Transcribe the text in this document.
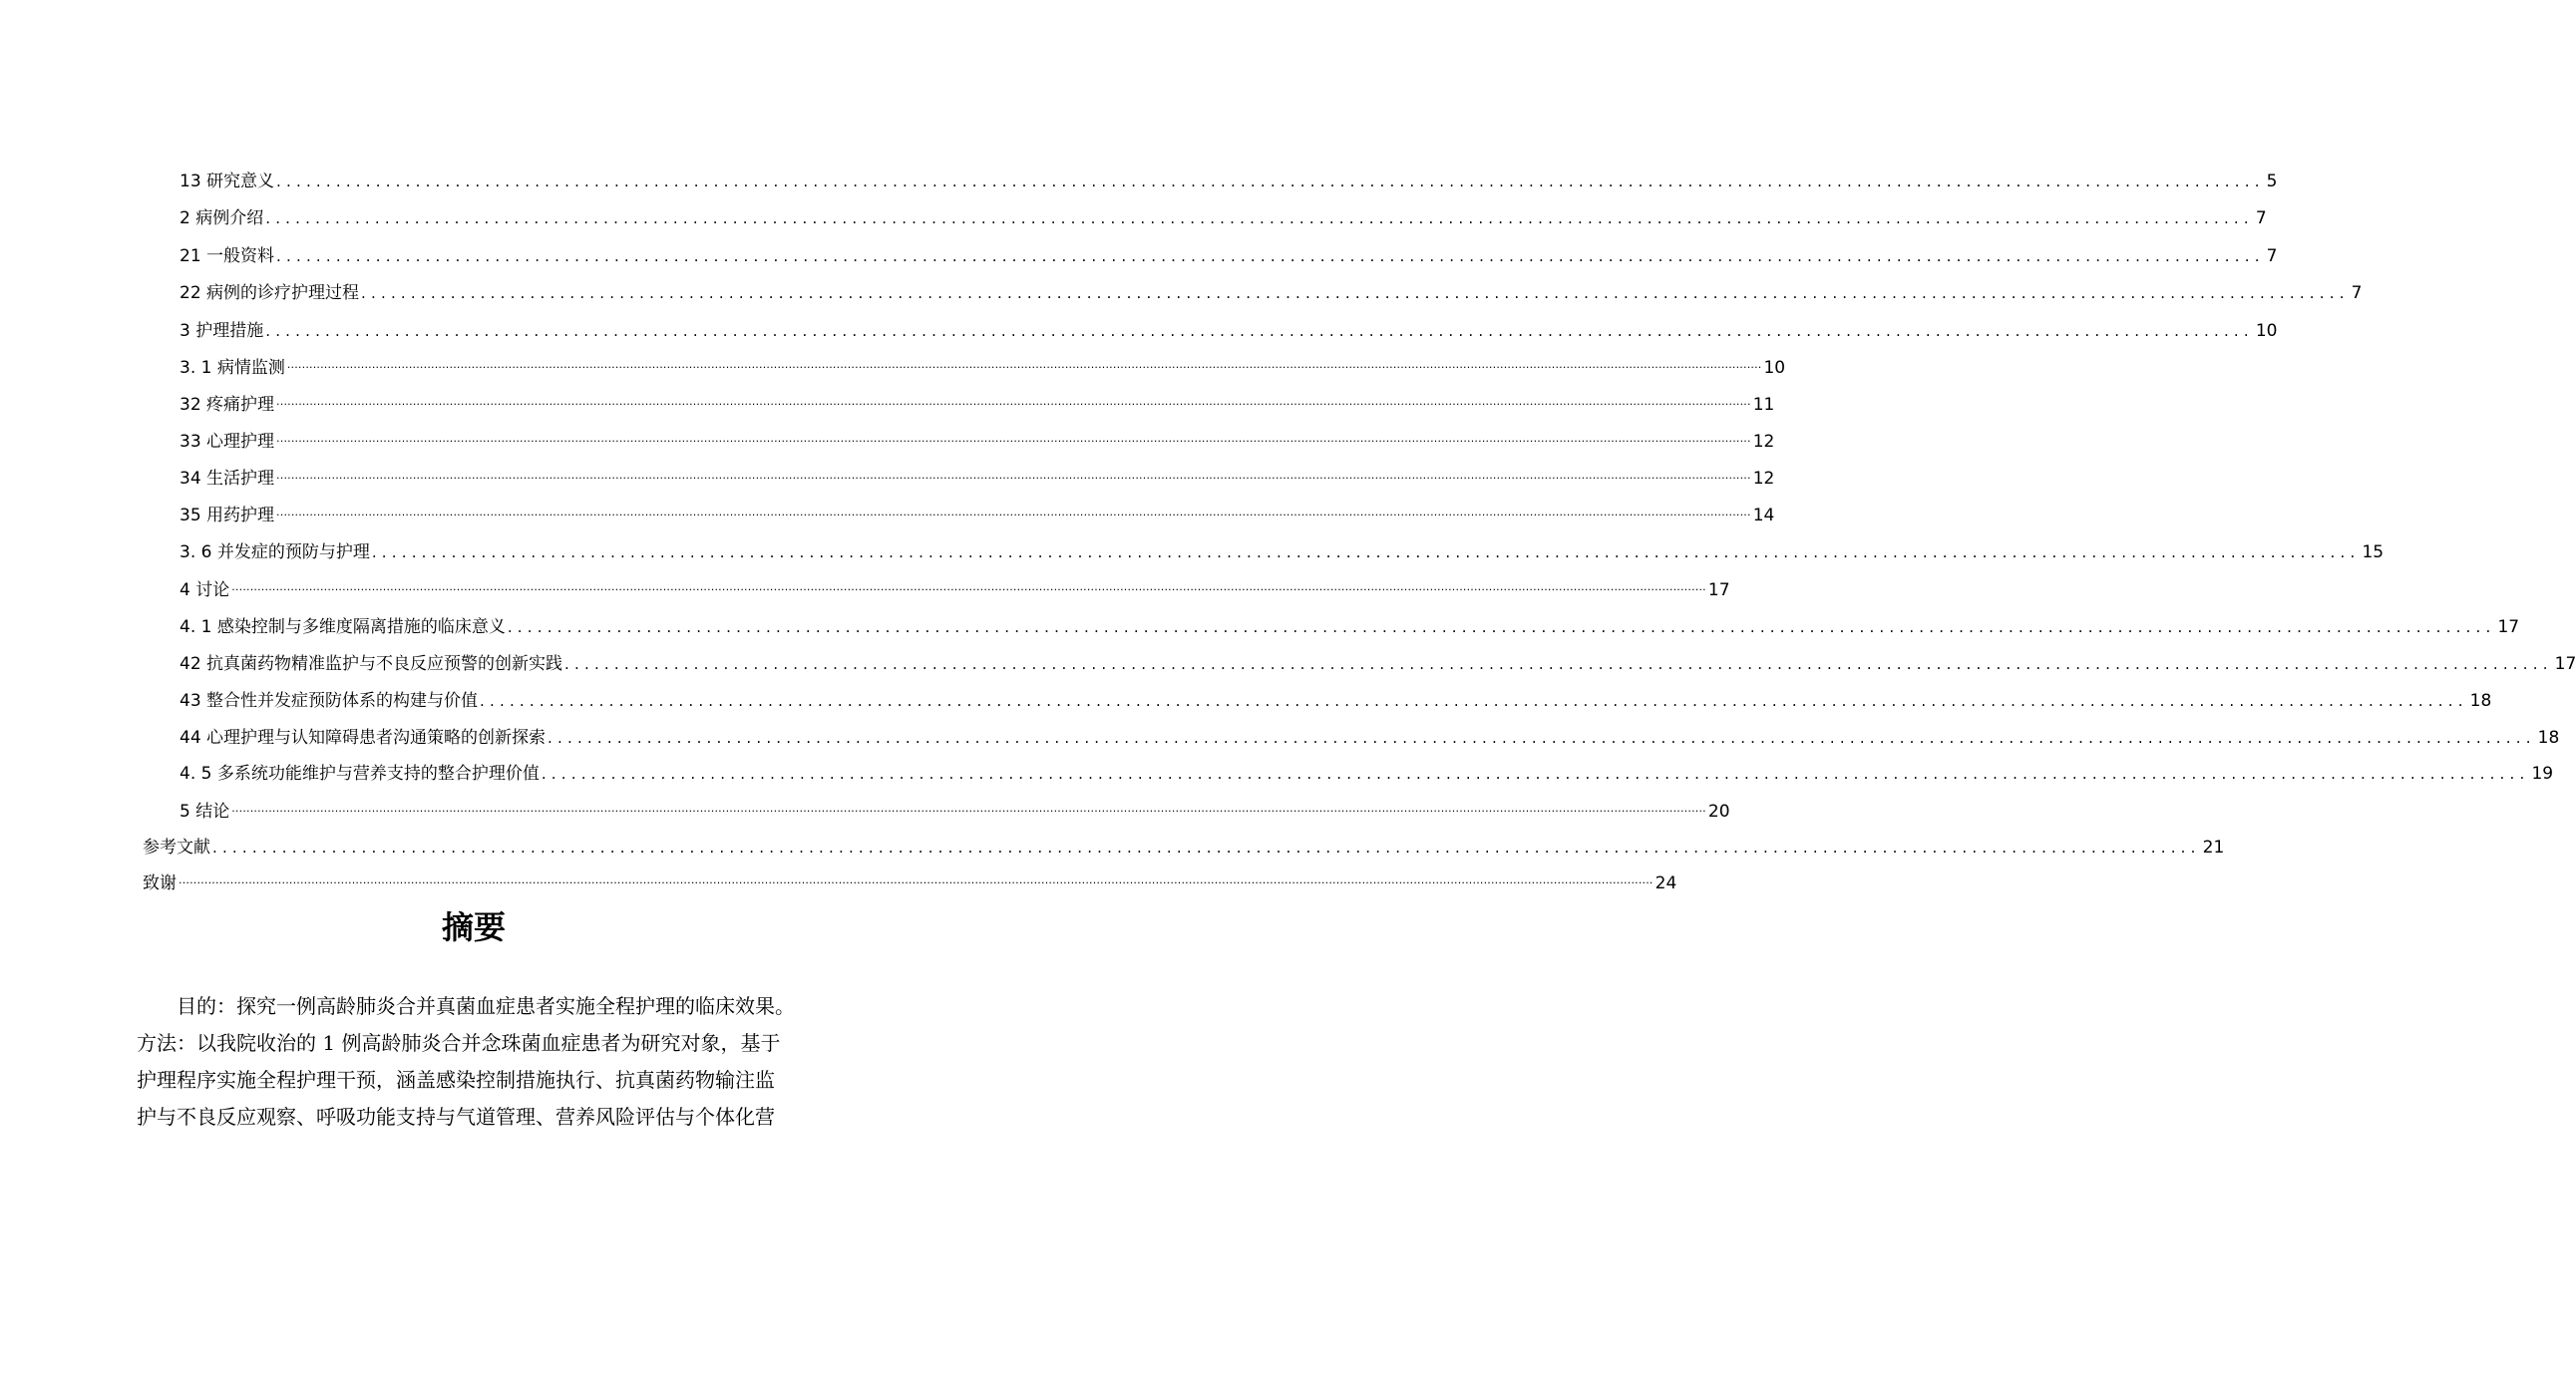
13 研究意义 ........................................................................................................................................................................................................ 5
2 病例介绍 ........................................................................................................................................................................................................ 7
21 一般资料 ........................................................................................................................................................................................................ 7
22 病例的诊疗护理过程 ........................................................................................................................................................................................................ 7
3 护理措施 ........................................................................................................................................................................................................ 10
3. 1 病情监测 ................................................................................................................................................................................................................................................................................................................................................................................................................ 10
32 疼痛护理 ................................................................................................................................................................................................................................................................................................................................................................................................................ 11
33 心理护理 ................................................................................................................................................................................................................................................................................................................................................................................................................ 12
34 生活护理 ................................................................................................................................................................................................................................................................................................................................................................................................................ 12
35 用药护理 ................................................................................................................................................................................................................................................................................................................................................................................................................ 14
3. 6 并发症的预防与护理 ........................................................................................................................................................................................................ 15
4 讨论 ................................................................................................................................................................................................................................................................................................................................................................................................................ 17
4. 1 感染控制与多维度隔离措施的临床意义 ........................................................................................................................................................................................................ 17
42 抗真菌药物精准监护与不良反应预警的创新实践 ........................................................................................................................................................................................................ 17
43 整合性并发症预防体系的构建与价值 ........................................................................................................................................................................................................ 18
44 心理护理与认知障碍患者沟通策略的创新探索 ........................................................................................................................................................................................................ 18
4. 5 多系统功能维护与营养支持的整合护理价值 ........................................................................................................................................................................................................ 19
5 结论 ................................................................................................................................................................................................................................................................................................................................................................................................................ 20
参考文献 ........................................................................................................................................................................................................ 21
致谢 ................................................................................................................................................................................................................................................................................................................................................................................................................ 24
摘要
目的：探究一例高龄肺炎合并真菌血症患者实施全程护理的临床效果。
方法：以我院收治的 1 例高龄肺炎合并念珠菌血症患者为研究对象，基于
护理程序实施全程护理干预，涵盖感染控制措施执行、抗真菌药物输注监
护与不良反应观察、呼吸功能支持与气道管理、营养风险评估与个体化营
